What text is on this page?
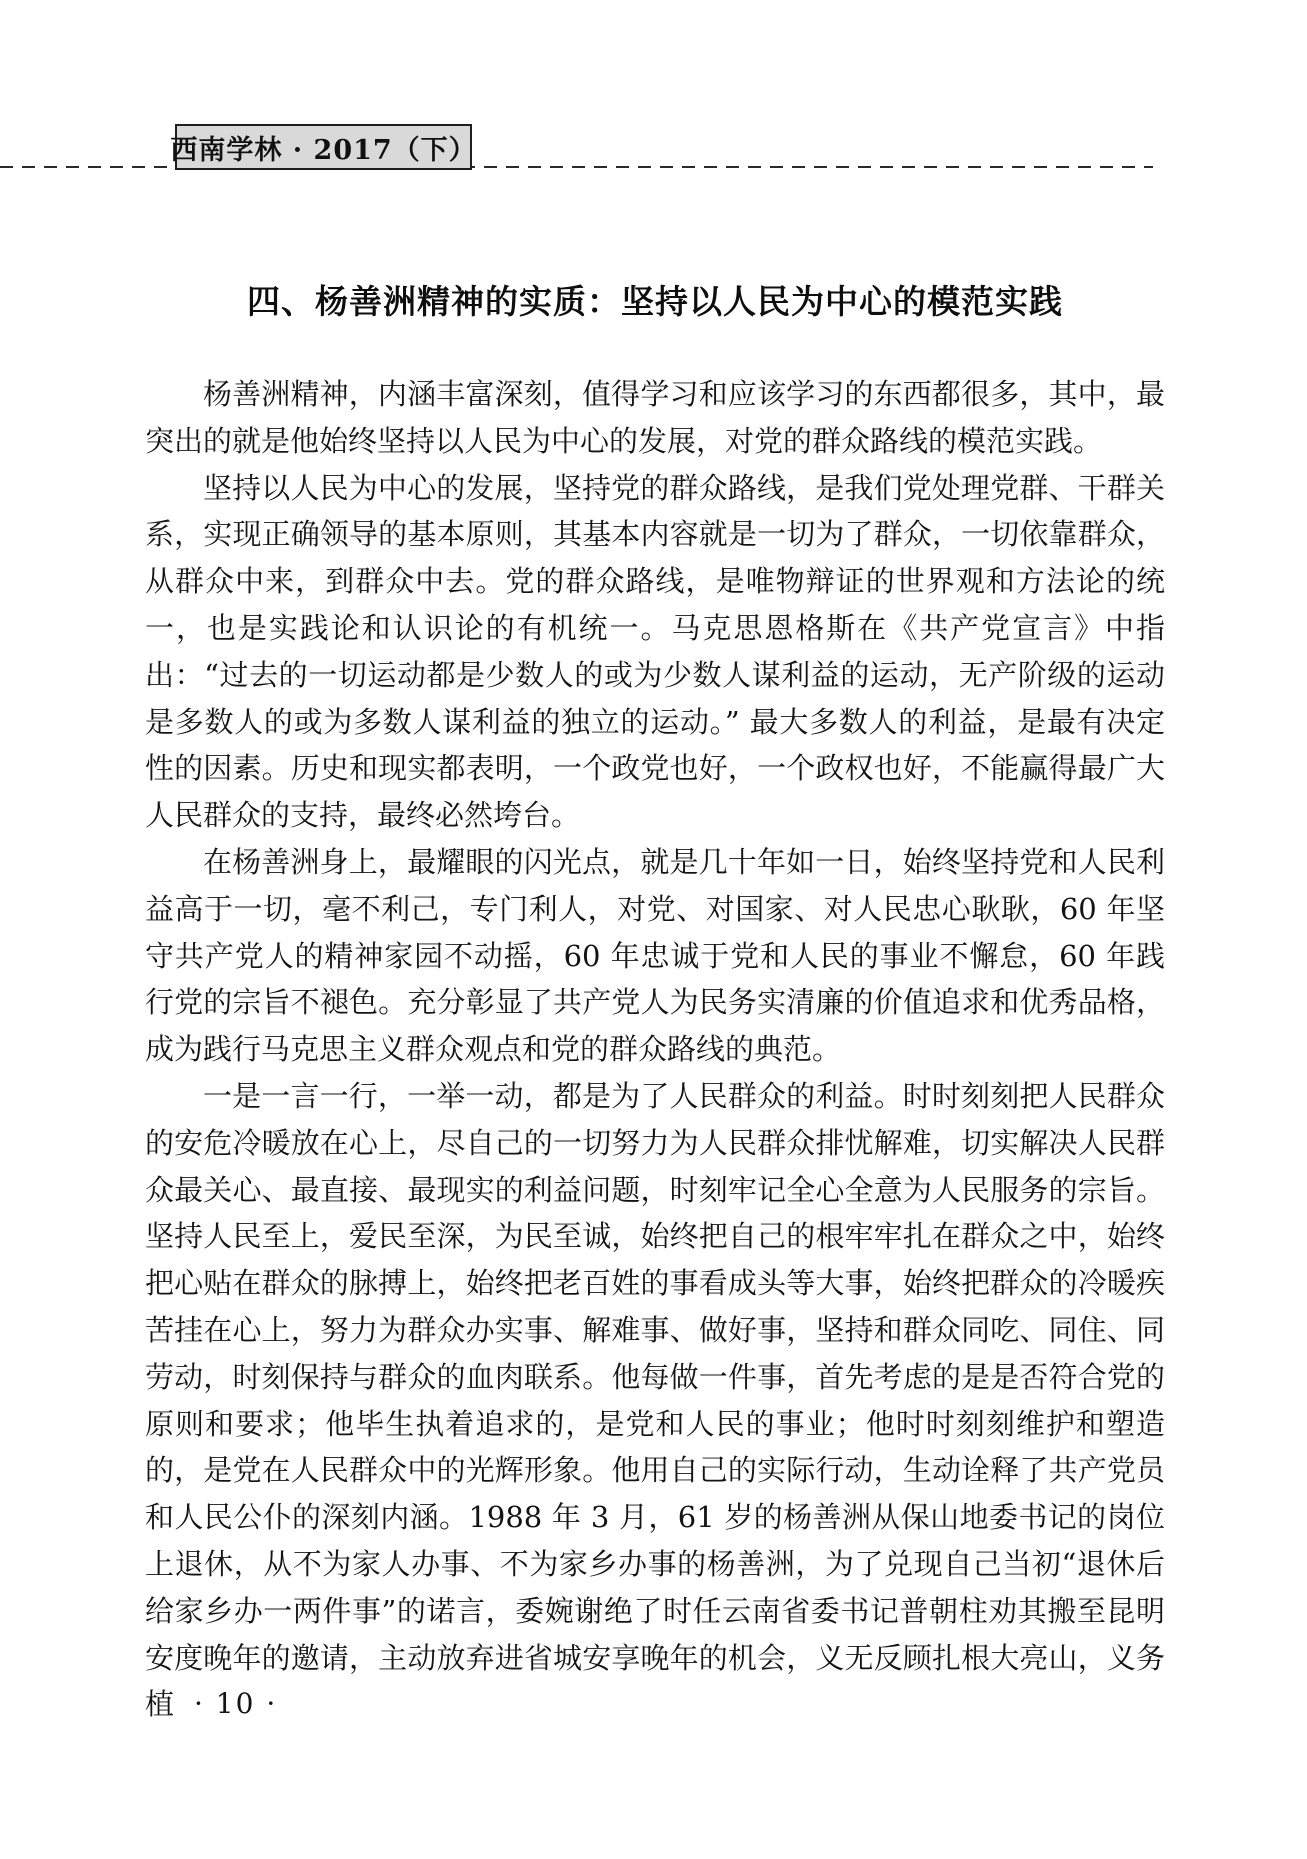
西南学林 · 2017（下）
四、杨善洲精神的实质：坚持以人民为中心的模范实践

杨善洲精神，内涵丰富深刻，值得学习和应该学习的东西都很多，其中，最突出的就是他始终坚持以人民为中心的发展，对党的群众路线的模范实践。

坚持以人民为中心的发展，坚持党的群众路线，是我们党处理党群、干群关系，实现正确领导的基本原则，其基本内容就是一切为了群众，一切依靠群众，从群众中来，到群众中去。党的群众路线，是唯物辩证的世界观和方法论的统一，也是实践论和认识论的有机统一。马克思恩格斯在《共产党宣言》中指出：“过去的一切运动都是少数人的或为少数人谋利益的运动，无产阶级的运动是多数人的或为多数人谋利益的独立的运动。” 最大多数人的利益，是最有决定性的因素。历史和现实都表明，一个政党也好，一个政权也好，不能赢得最广大人民群众的支持，最终必然垮台。

在杨善洲身上，最耀眼的闪光点，就是几十年如一日，始终坚持党和人民利益高于一切，毫不利己，专门利人，对党、对国家、对人民忠心耿耿，60 年坚守共产党人的精神家园不动摇，60 年忠诚于党和人民的事业不懈怠，60 年践行党的宗旨不褪色。充分彰显了共产党人为民务实清廉的价值追求和优秀品格，成为践行马克思主义群众观点和党的群众路线的典范。

一是一言一行，一举一动，都是为了人民群众的利益。时时刻刻把人民群众的安危冷暖放在心上，尽自己的一切努力为人民群众排忧解难，切实解决人民群众最关心、最直接、最现实的利益问题，时刻牢记全心全意为人民服务的宗旨。坚持人民至上，爱民至深，为民至诚，始终把自己的根牢牢扎在群众之中，始终把心贴在群众的脉搏上，始终把老百姓的事看成头等大事，始终把群众的冷暖疾苦挂在心上，努力为群众办实事、解难事、做好事，坚持和群众同吃、同住、同劳动，时刻保持与群众的血肉联系。他每做一件事，首先考虑的是是否符合党的原则和要求；他毕生执着追求的，是党和人民的事业；他时时刻刻维护和塑造的，是党在人民群众中的光辉形象。他用自己的实际行动，生动诠释了共产党员和人民公仆的深刻内涵。1988 年 3 月，61 岁的杨善洲从保山地委书记的岗位上退休，从不为家人办事、不为家乡办事的杨善洲，为了兑现自己当初“退休后给家乡办一两件事”的诺言，委婉谢绝了时任云南省委书记普朝柱劝其搬至昆明安度晚年的邀请，主动放弃进省城安享晚年的机会，义无反顾扎根大亮山，义务植 · 10 ·
